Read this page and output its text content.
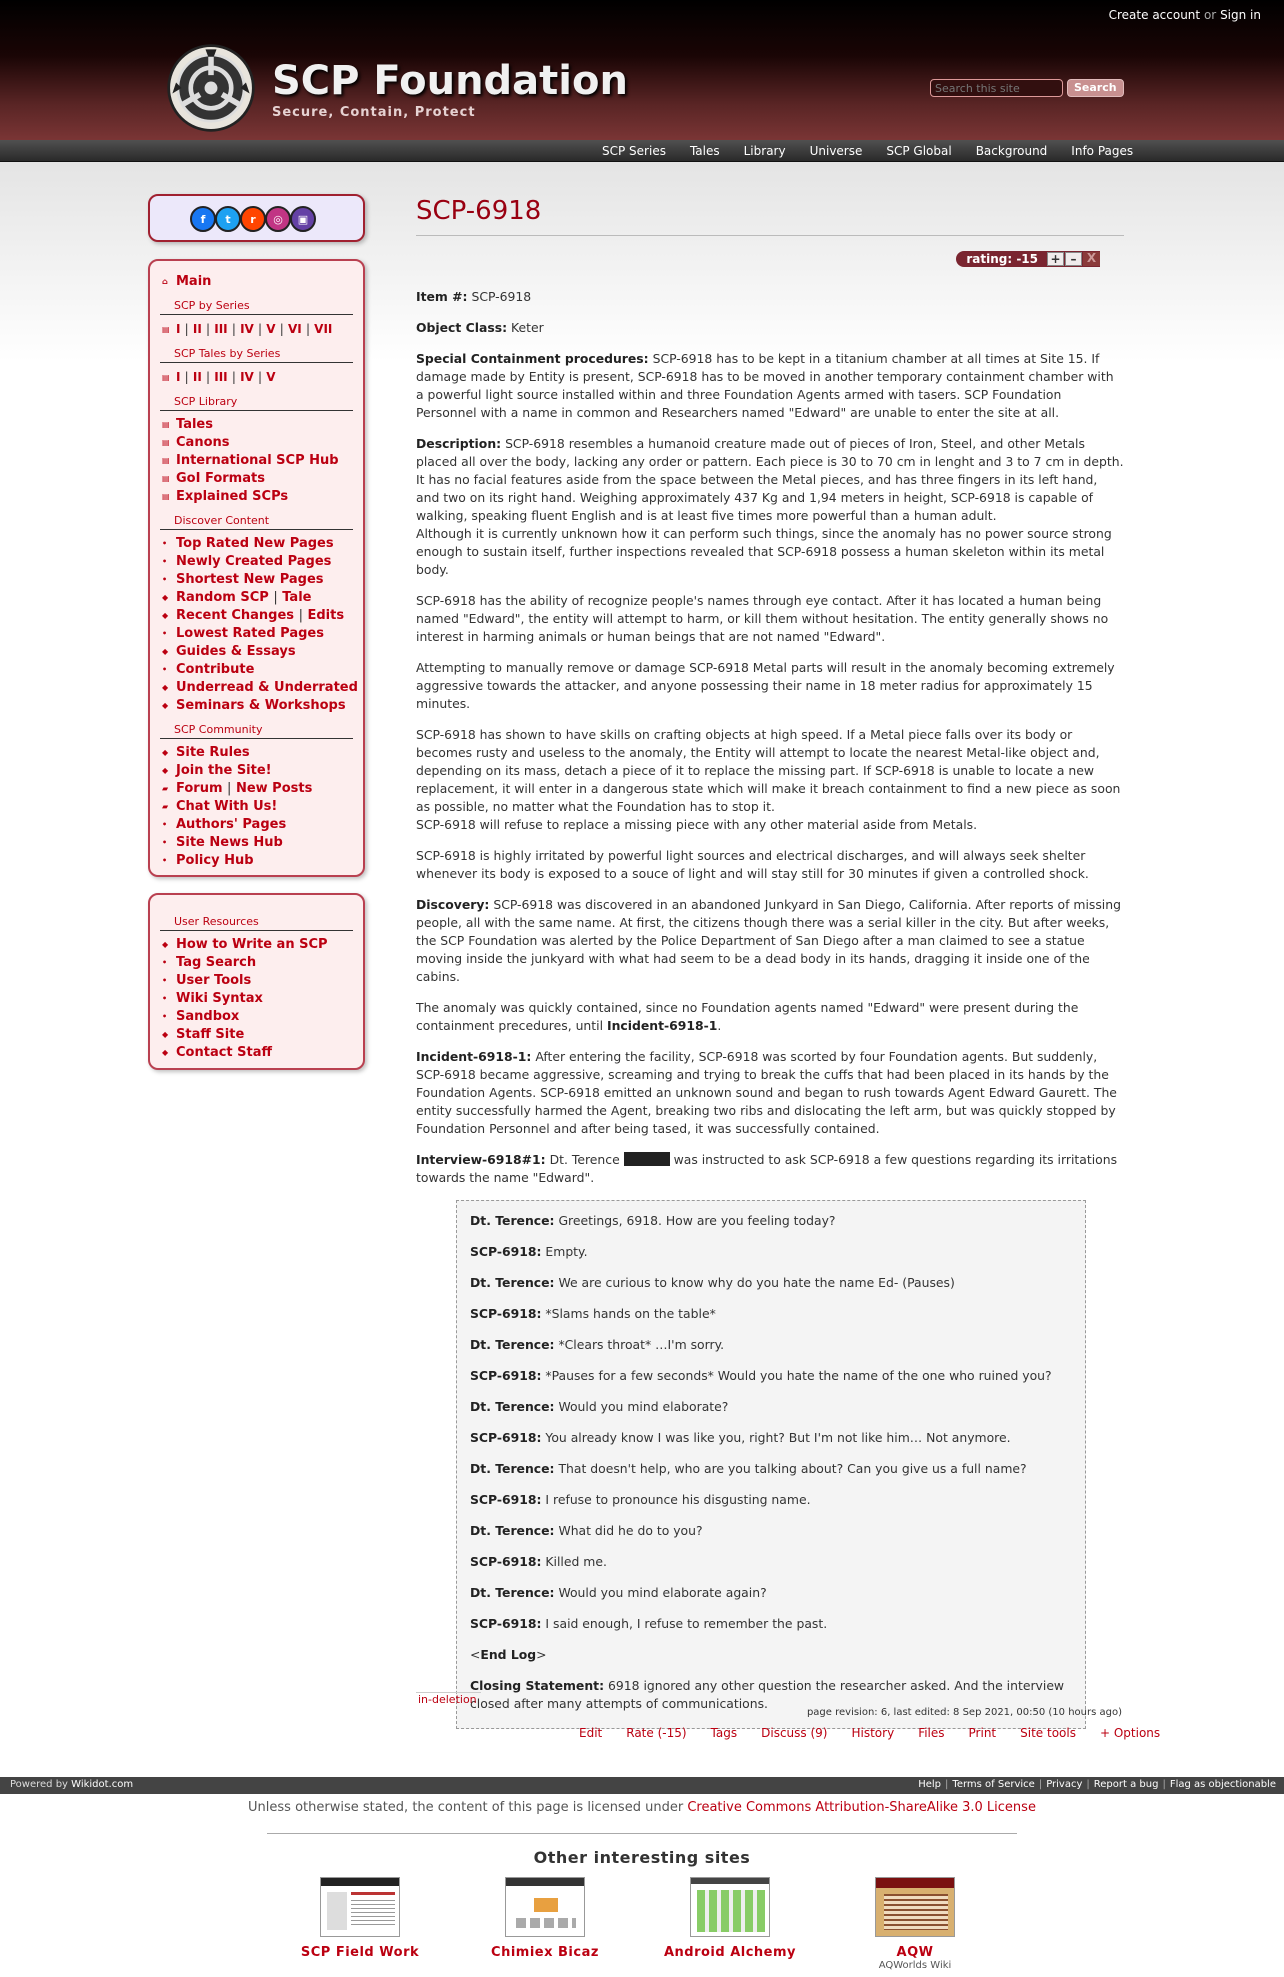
Create account or Sign in
SCP Foundation
Secure, Contain, Protect
Search this site
Search
SCP Series	Tales	Library	Universe	SCP Global	Background	Info Pages
f	t	r	◎	▣
⌂ Main
SCP by Series
▤ I | II | III | IV | V | VI | VII
SCP Tales by Series
▤ I | II | III | IV | V
SCP Library
▤ Tales
▤ Canons
▤ International SCP Hub
▤ GoI Formats
▤ Explained SCPs
Discover Content
• Top Rated New Pages
• Newly Created Pages
• Shortest New Pages
◆ Random SCP | Tale
◆ Recent Changes | Edits
• Lowest Rated Pages
◆ Guides & Essays
• Contribute
◆ Underread & Underrated
◆ Seminars & Workshops
SCP Community
◆ Site Rules
◆ Join the Site!
▰ Forum | New Posts
▰ Chat With Us!
• Authors' Pages
• Site News Hub
• Policy Hub
User Resources
◆ How to Write an SCP
• Tag Search
• User Tools
• Wiki Syntax
• Sandbox
◆ Staff Site
◆ Contact Staff
SCP-6918
rating: -15 + – X

Item #: SCP-6918

Object Class: Keter

Special Containment procedures: SCP-6918 has to be kept in a titanium chamber at all times at Site 15. If damage made by Entity is present, SCP-6918 has to be moved in another temporary containment chamber with a powerful light source installed within and three Foundation Agents armed with tasers. SCP Foundation Personnel with a name in common and Researchers named "Edward" are unable to enter the site at all.

Description: SCP-6918 resembles a humanoid creature made out of pieces of Iron, Steel, and other Metals placed all over the body, lacking any order or pattern. Each piece is 30 to 70 cm in lenght and 3 to 7 cm in depth. It has no facial features aside from the space between the Metal pieces, and has three fingers in its left hand, and two on its right hand. Weighing approximately 437 Kg and 1,94 meters in height, SCP-6918 is capable of walking, speaking fluent English and is at least five times more powerful than a human adult.
Although it is currently unknown how it can perform such things, since the anomaly has no power source strong enough to sustain itself, further inspections revealed that SCP-6918 possess a human skeleton within its metal body.

SCP-6918 has the ability of recognize people's names through eye contact. After it has located a human being named "Edward", the entity will attempt to harm, or kill them without hesitation. The entity generally shows no interest in harming animals or human beings that are not named "Edward".

Attempting to manually remove or damage SCP-6918 Metal parts will result in the anomaly becoming extremely aggressive towards the attacker, and anyone possessing their name in 18 meter radius for approximately 15 minutes.

SCP-6918 has shown to have skills on crafting objects at high speed. If a Metal piece falls over its body or becomes rusty and useless to the anomaly, the Entity will attempt to locate the nearest Metal-like object and, depending on its mass, detach a piece of it to replace the missing part. If SCP-6918 is unable to locate a new replacement, it will enter in a dangerous state which will make it breach containment to find a new piece as soon as possible, no matter what the Foundation has to stop it.
SCP-6918 will refuse to replace a missing piece with any other material aside from Metals.

SCP-6918 is highly irritated by powerful light sources and electrical discharges, and will always seek shelter whenever its body is exposed to a souce of light and will stay still for 30 minutes if given a controlled shock.

Discovery: SCP-6918 was discovered in an abandoned Junkyard in San Diego, California. After reports of missing people, all with the same name. At first, the citizens though there was a serial killer in the city. But after weeks, the SCP Foundation was alerted by the Police Department of San Diego after a man claimed to see a statue moving inside the junkyard with what had seem to be a dead body in its hands, dragging it inside one of the cabins.

The anomaly was quickly contained, since no Foundation agents named "Edward" were present during the containment precedures, until Incident-6918-1.

Incident-6918-1: After entering the facility, SCP-6918 was scorted by four Foundation agents. But suddenly, SCP-6918 became aggressive, screaming and trying to break the cuffs that had been placed in its hands by the Foundation Agents. SCP-6918 emitted an unknown sound and began to rush towards Agent Edward Gaurett. The entity successfully harmed the Agent, breaking two ribs and dislocating the left arm, but was quickly stopped by Foundation Personnel and after being tased, it was successfully contained.

Interview-6918#1: Dt. Terence	was instructed to ask SCP-6918 a few questions regarding its irritations towards the name "Edward".

Dt. Terence: Greetings, 6918. How are you feeling today?

SCP-6918: Empty.

Dt. Terence: We are curious to know why do you hate the name Ed- (Pauses)

SCP-6918: *Slams hands on the table*

Dt. Terence: *Clears throat* …I'm sorry.

SCP-6918: *Pauses for a few seconds* Would you hate the name of the one who ruined you?

Dt. Terence: Would you mind elaborate?

SCP-6918: You already know I was like you, right? But I'm not like him… Not anymore.

Dt. Terence: That doesn't help, who are you talking about? Can you give us a full name?

SCP-6918: I refuse to pronounce his disgusting name.

Dt. Terence: What did he do to you?

SCP-6918: Killed me.

Dt. Terence: Would you mind elaborate again?

SCP-6918: I said enough, I refuse to remember the past.

<End Log>

Closing Statement: 6918 ignored any other question the researcher asked. And the interview closed after many attempts of communications.

in-deletion
page revision: 6, last edited: 8 Sep 2021, 00:50 (10 hours ago)
Edit	Rate (-15)	Tags	Discuss (9)	History	Files	Print	Site tools	+ Options
Powered by Wikidot.com	Help | Terms of Service | Privacy | Report a bug | Flag as objectionable
Unless otherwise stated, the content of this page is licensed under Creative Commons Attribution-ShareAlike 3.0 License
Other interesting sites
SCP Field Work	Chimiex Bicaz	Android Alchemy	AQW
AQWorlds Wiki
